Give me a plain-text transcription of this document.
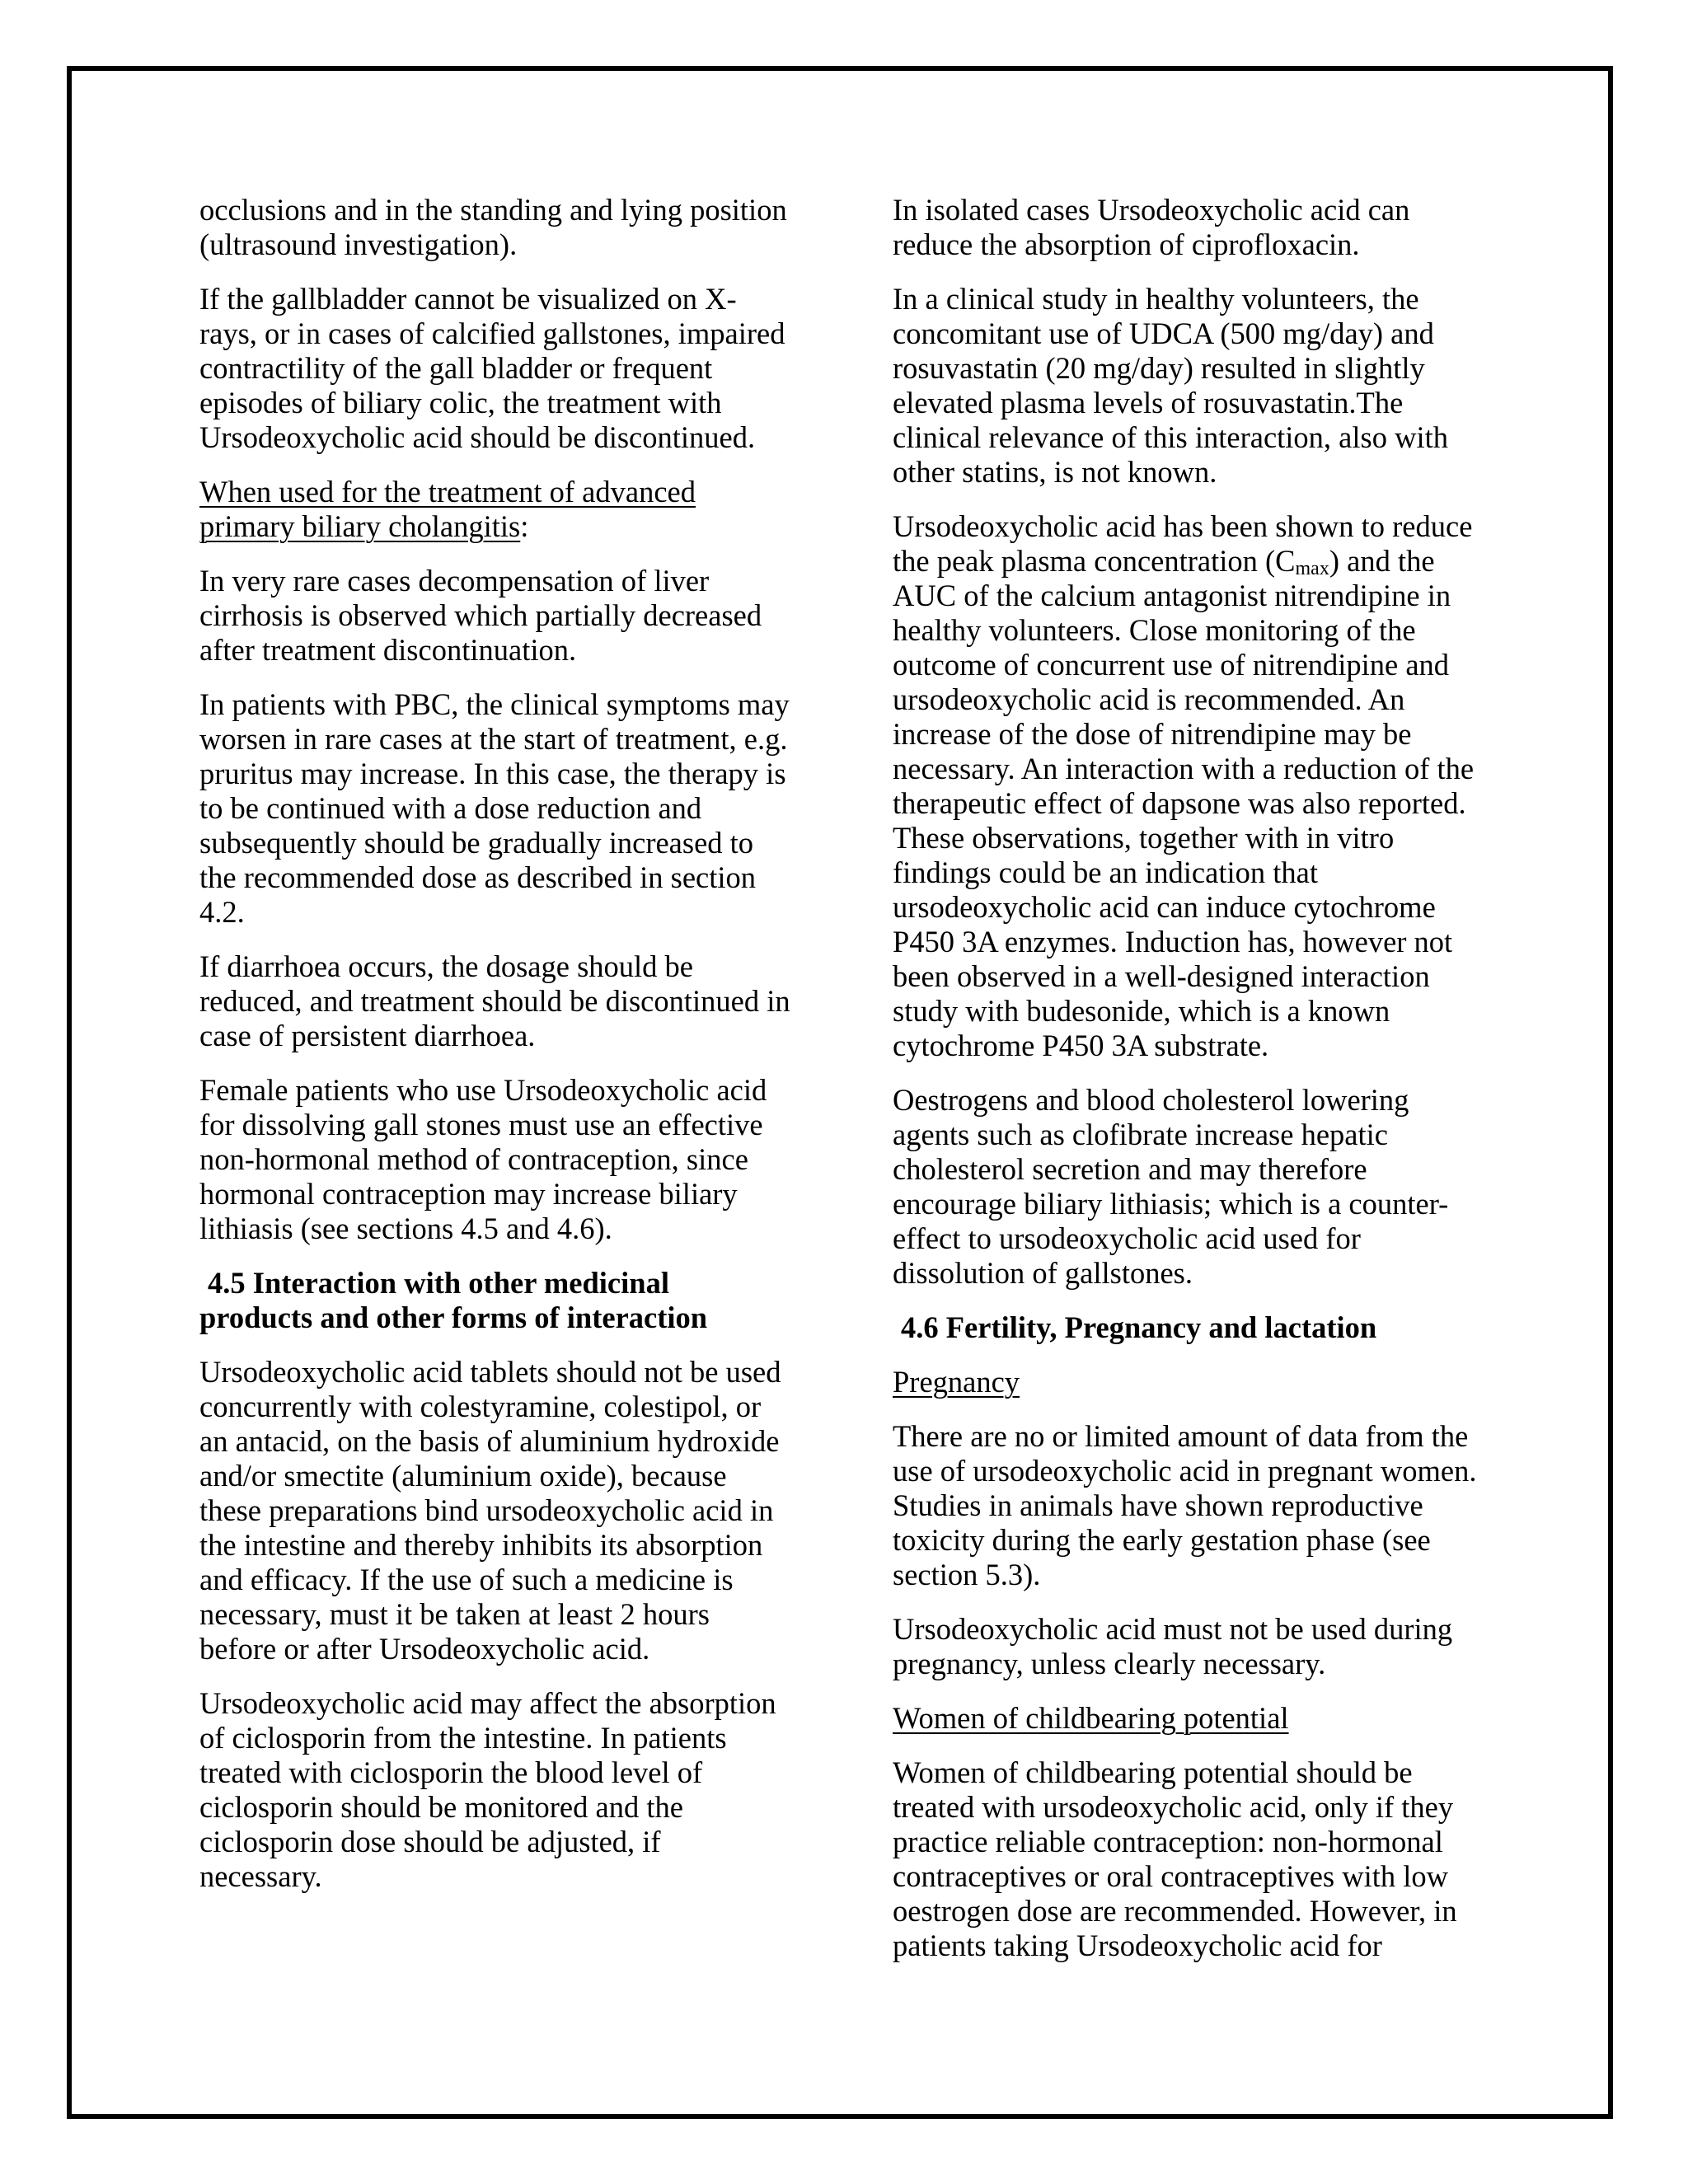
occlusions and in the standing and lying position
(ultrasound investigation).

If the gallbladder cannot be visualized on X-
rays, or in cases of calcified gallstones, impaired
contractility of the gall bladder or frequent
episodes of biliary colic, the treatment with
Ursodeoxycholic acid should be discontinued.

When used for the treatment of advanced
primary biliary cholangitis:

In very rare cases decompensation of liver
cirrhosis is observed which partially decreased
after treatment discontinuation.

In patients with PBC, the clinical symptoms may
worsen in rare cases at the start of treatment, e.g.
pruritus may increase. In this case, the therapy is
to be continued with a dose reduction and
subsequently should be gradually increased to
the recommended dose as described in section
4.2.

If diarrhoea occurs, the dosage should be
reduced, and treatment should be discontinued in
case of persistent diarrhoea.

Female patients who use Ursodeoxycholic acid
for dissolving gall stones must use an effective
non-hormonal method of contraception, since
hormonal contraception may increase biliary
lithiasis (see sections 4.5 and 4.6).

4.5 Interaction with other medicinal
products and other forms of interaction

Ursodeoxycholic acid tablets should not be used
concurrently with colestyramine, colestipol, or
an antacid, on the basis of aluminium hydroxide
and/or smectite (aluminium oxide), because
these preparations bind ursodeoxycholic acid in
the intestine and thereby inhibits its absorption
and efficacy. If the use of such a medicine is
necessary, must it be taken at least 2 hours
before or after Ursodeoxycholic acid.

Ursodeoxycholic acid may affect the absorption
of ciclosporin from the intestine. In patients
treated with ciclosporin the blood level of
ciclosporin should be monitored and the
ciclosporin dose should be adjusted, if
necessary.

In isolated cases Ursodeoxycholic acid can
reduce the absorption of ciprofloxacin.

In a clinical study in healthy volunteers, the
concomitant use of UDCA (500 mg/day) and
rosuvastatin (20 mg/day) resulted in slightly
elevated plasma levels of rosuvastatin.The
clinical relevance of this interaction, also with
other statins, is not known.

Ursodeoxycholic acid has been shown to reduce
the peak plasma concentration $(C_{max})$ and the
AUC of the calcium antagonist nitrendipine in
healthy volunteers. Close monitoring of the
outcome of concurrent use of nitrendipine and
ursodeoxycholic acid is recommended. An
increase of the dose of nitrendipine may be
necessary. An interaction with a reduction of the
therapeutic effect of dapsone was also reported.
These observations, together with in vitro
findings could be an indication that
ursodeoxycholic acid can induce cytochrome
P450 3A enzymes. Induction has, however not
been observed in a well-designed interaction
study with budesonide, which is a known
cytochrome P450 3A substrate.

Oestrogens and blood cholesterol lowering
agents such as clofibrate increase hepatic
cholesterol secretion and may therefore
encourage biliary lithiasis; which is a counter-
effect to ursodeoxycholic acid used for
dissolution of gallstones.

4.6 Fertility, Pregnancy and lactation

Pregnancy

There are no or limited amount of data from the
use of ursodeoxycholic acid in pregnant women.
Studies in animals have shown reproductive
toxicity during the early gestation phase (see
section 5.3).

Ursodeoxycholic acid must not be used during
pregnancy, unless clearly necessary.

Women of childbearing potential

Women of childbearing potential should be
treated with ursodeoxycholic acid, only if they
practice reliable contraception: non-hormonal
contraceptives or oral contraceptives with low
oestrogen dose are recommended. However, in
patients taking Ursodeoxycholic acid for
